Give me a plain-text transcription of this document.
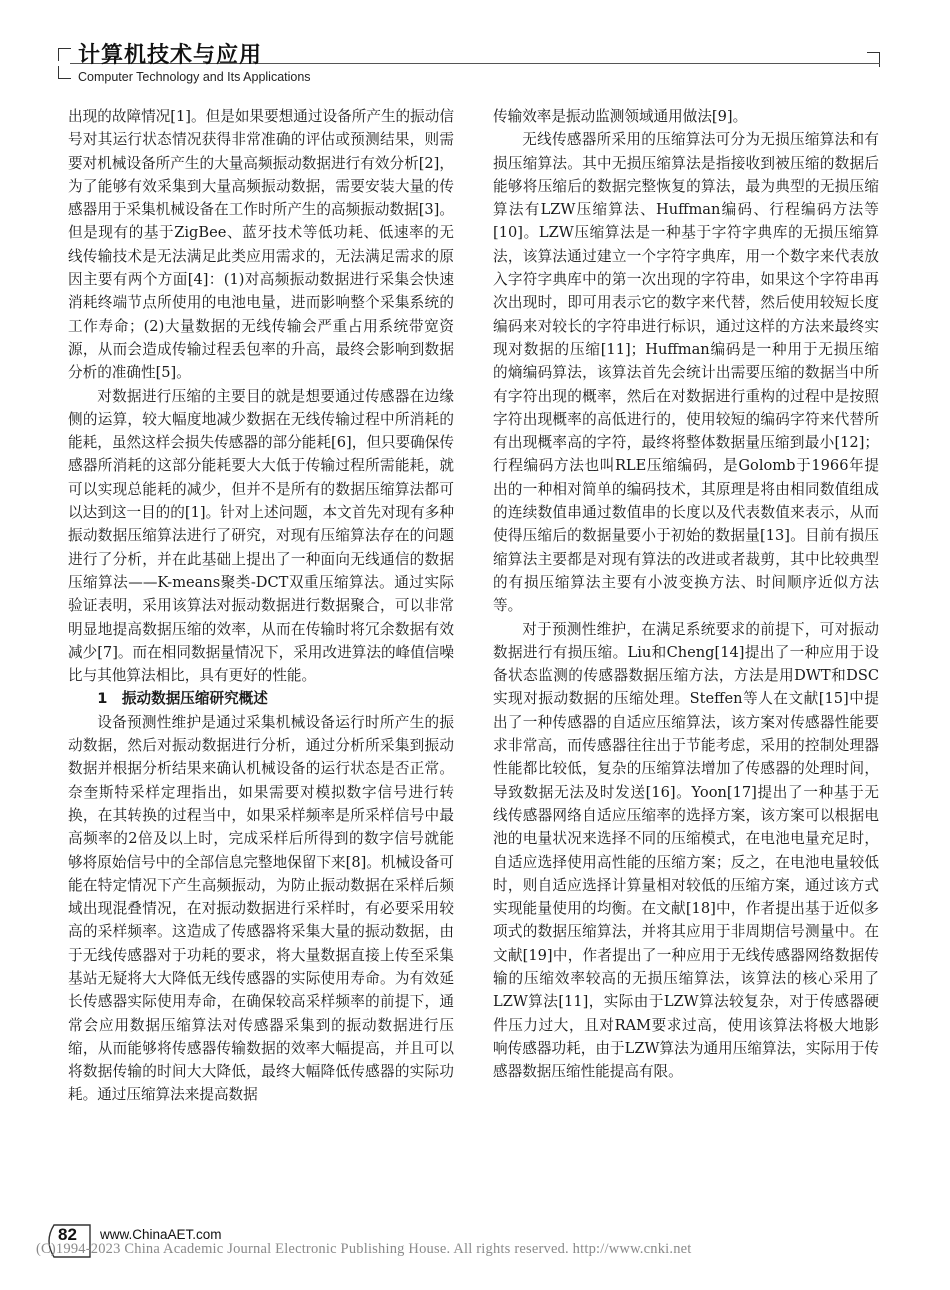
计算机技术与应用
Computer Technology and Its Applications

出现的故障情况[1]。但是如果要想通过设备所产生的振动信号对其运行状态情况获得非常准确的评估或预测结果，则需要对机械设备所产生的大量高频振动数据进行有效分析[2]，为了能够有效采集到大量高频振动数据，需要安装大量的传感器用于采集机械设备在工作时所产生的高频振动数据[3]。但是现有的基于ZigBee、蓝牙技术等低功耗、低速率的无线传输技术是无法满足此类应用需求的，无法满足需求的原因主要有两个方面[4]：(1)对高频振动数据进行采集会快速消耗终端节点所使用的电池电量，进而影响整个采集系统的工作寿命；(2)大量数据的无线传输会严重占用系统带宽资源，从而会造成传输过程丢包率的升高，最终会影响到数据分析的准确性[5]。

对数据进行压缩的主要目的就是想要通过传感器在边缘侧的运算，较大幅度地减少数据在无线传输过程中所消耗的能耗，虽然这样会损失传感器的部分能耗[6]，但只要确保传感器所消耗的这部分能耗要大大低于传输过程所需能耗，就可以实现总能耗的减少，但并不是所有的数据压缩算法都可以达到这一目的的[1]。针对上述问题，本文首先对现有多种振动数据压缩算法进行了研究，对现有压缩算法存在的问题进行了分析，并在此基础上提出了一种面向无线通信的数据压缩算法——K-means聚类-DCT双重压缩算法。通过实际验证表明，采用该算法对振动数据进行数据聚合，可以非常明显地提高数据压缩的效率，从而在传输时将冗余数据有效减少[7]。而在相同数据量情况下，采用改进算法的峰值信噪比与其他算法相比，具有更好的性能。

1　振动数据压缩研究概述

设备预测性维护是通过采集机械设备运行时所产生的振动数据，然后对振动数据进行分析，通过分析所采集到振动数据并根据分析结果来确认机械设备的运行状态是否正常。奈奎斯特采样定理指出，如果需要对模拟数字信号进行转换，在其转换的过程当中，如果采样频率是所采样信号中最高频率的2倍及以上时，完成采样后所得到的数字信号就能够将原始信号中的全部信息完整地保留下来[8]。机械设备可能在特定情况下产生高频振动，为防止振动数据在采样后频域出现混叠情况，在对振动数据进行采样时，有必要采用较高的采样频率。这造成了传感器将采集大量的振动数据，由于无线传感器对于功耗的要求，将大量数据直接上传至采集基站无疑将大大降低无线传感器的实际使用寿命。为有效延长传感器实际使用寿命，在确保较高采样频率的前提下，通常会应用数据压缩算法对传感器采集到的振动数据进行压缩，从而能够将传感器传输数据的效率大幅提高，并且可以将数据传输的时间大大降低，最终大幅降低传感器的实际功耗。通过压缩算法来提高数据

传输效率是振动监测领域通用做法[9]。

无线传感器所采用的压缩算法可分为无损压缩算法和有损压缩算法。其中无损压缩算法是指接收到被压缩的数据后能够将压缩后的数据完整恢复的算法，最为典型的无损压缩算法有LZW压缩算法、Huffman编码、行程编码方法等[10]。LZW压缩算法是一种基于字符字典库的无损压缩算法，该算法通过建立一个字符字典库，用一个数字来代表放入字符字典库中的第一次出现的字符串，如果这个字符串再次出现时，即可用表示它的数字来代替，然后使用较短长度编码来对较长的字符串进行标识，通过这样的方法来最终实现对数据的压缩[11]；Huffman编码是一种用于无损压缩的熵编码算法，该算法首先会统计出需要压缩的数据当中所有字符出现的概率，然后在对数据进行重构的过程中是按照字符出现概率的高低进行的，使用较短的编码字符来代替所有出现概率高的字符，最终将整体数据量压缩到最小[12]；行程编码方法也叫RLE压缩编码，是Golomb于1966年提出的一种相对简单的编码技术，其原理是将由相同数值组成的连续数值串通过数值串的长度以及代表数值来表示，从而使得压缩后的数据量要小于初始的数据量[13]。目前有损压缩算法主要都是对现有算法的改进或者裁剪，其中比较典型的有损压缩算法主要有小波变换方法、时间顺序近似方法等。

对于预测性维护，在满足系统要求的前提下，可对振动数据进行有损压缩。Liu和Cheng[14]提出了一种应用于设备状态监测的传感器数据压缩方法，方法是用DWT和DSC实现对振动数据的压缩处理。Steffen等人在文献[15]中提出了一种传感器的自适应压缩算法，该方案对传感器性能要求非常高，而传感器往往出于节能考虑，采用的控制处理器性能都比较低，复杂的压缩算法增加了传感器的处理时间，导致数据无法及时发送[16]。Yoon[17]提出了一种基于无线传感器网络自适应压缩率的选择方案，该方案可以根据电池的电量状况来选择不同的压缩模式，在电池电量充足时，自适应选择使用高性能的压缩方案；反之，在电池电量较低时，则自适应选择计算量相对较低的压缩方案，通过该方式实现能量使用的均衡。在文献[18]中，作者提出基于近似多项式的数据压缩算法，并将其应用于非周期信号测量中。在文献[19]中，作者提出了一种应用于无线传感器网络数据传输的压缩效率较高的无损压缩算法，该算法的核心采用了LZW算法[11]，实际由于LZW算法较复杂，对于传感器硬件压力过大，且对RAM要求过高，使用该算法将极大地影响传感器功耗，由于LZW算法为通用压缩算法，实际用于传感器数据压缩性能提高有限。

82 www.ChinaAET.com
(C)1994-2023 China Academic Journal Electronic Publishing House. All rights reserved. http://www.cnki.net
